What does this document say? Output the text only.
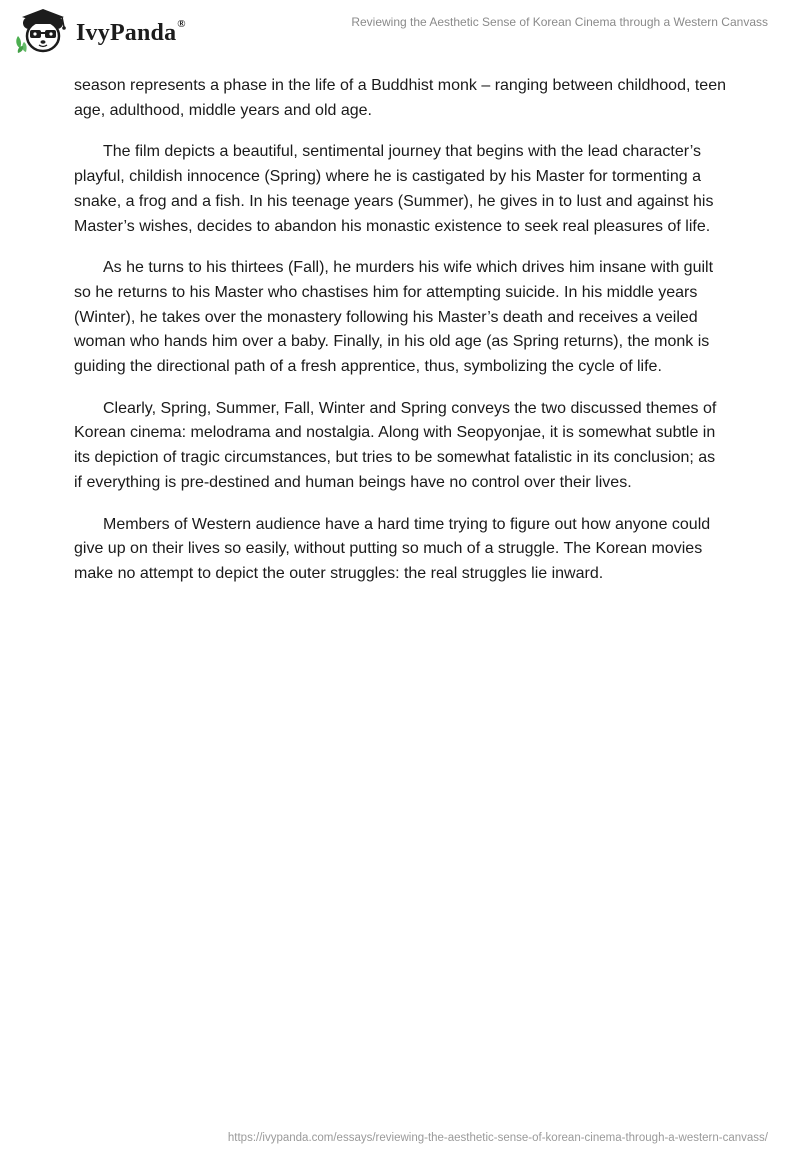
IvyPanda®	Reviewing the Aesthetic Sense of Korean Cinema through a Western Canvass

season represents a phase in the life of a Buddhist monk – ranging between childhood, teen age, adulthood, middle years and old age.

The film depicts a beautiful, sentimental journey that begins with the lead character’s playful, childish innocence (Spring) where he is castigated by his Master for tormenting a snake, a frog and a fish. In his teenage years (Summer), he gives in to lust and against his Master’s wishes, decides to abandon his monastic existence to seek real pleasures of life.

As he turns to his thirtees (Fall), he murders his wife which drives him insane with guilt so he returns to his Master who chastises him for attempting suicide. In his middle years (Winter), he takes over the monastery following his Master’s death and receives a veiled woman who hands him over a baby. Finally, in his old age (as Spring returns), the monk is guiding the directional path of a fresh apprentice, thus, symbolizing the cycle of life.

Clearly, Spring, Summer, Fall, Winter and Spring conveys the two discussed themes of Korean cinema: melodrama and nostalgia. Along with Seopyonjae, it is somewhat subtle in its depiction of tragic circumstances, but tries to be somewhat fatalistic in its conclusion; as if everything is pre-destined and human beings have no control over their lives.

Members of Western audience have a hard time trying to figure out how anyone could give up on their lives so easily, without putting so much of a struggle. The Korean movies make no attempt to depict the outer struggles: the real struggles lie inward.

https://ivypanda.com/essays/reviewing-the-aesthetic-sense-of-korean-cinema-through-a-western-canvass/
